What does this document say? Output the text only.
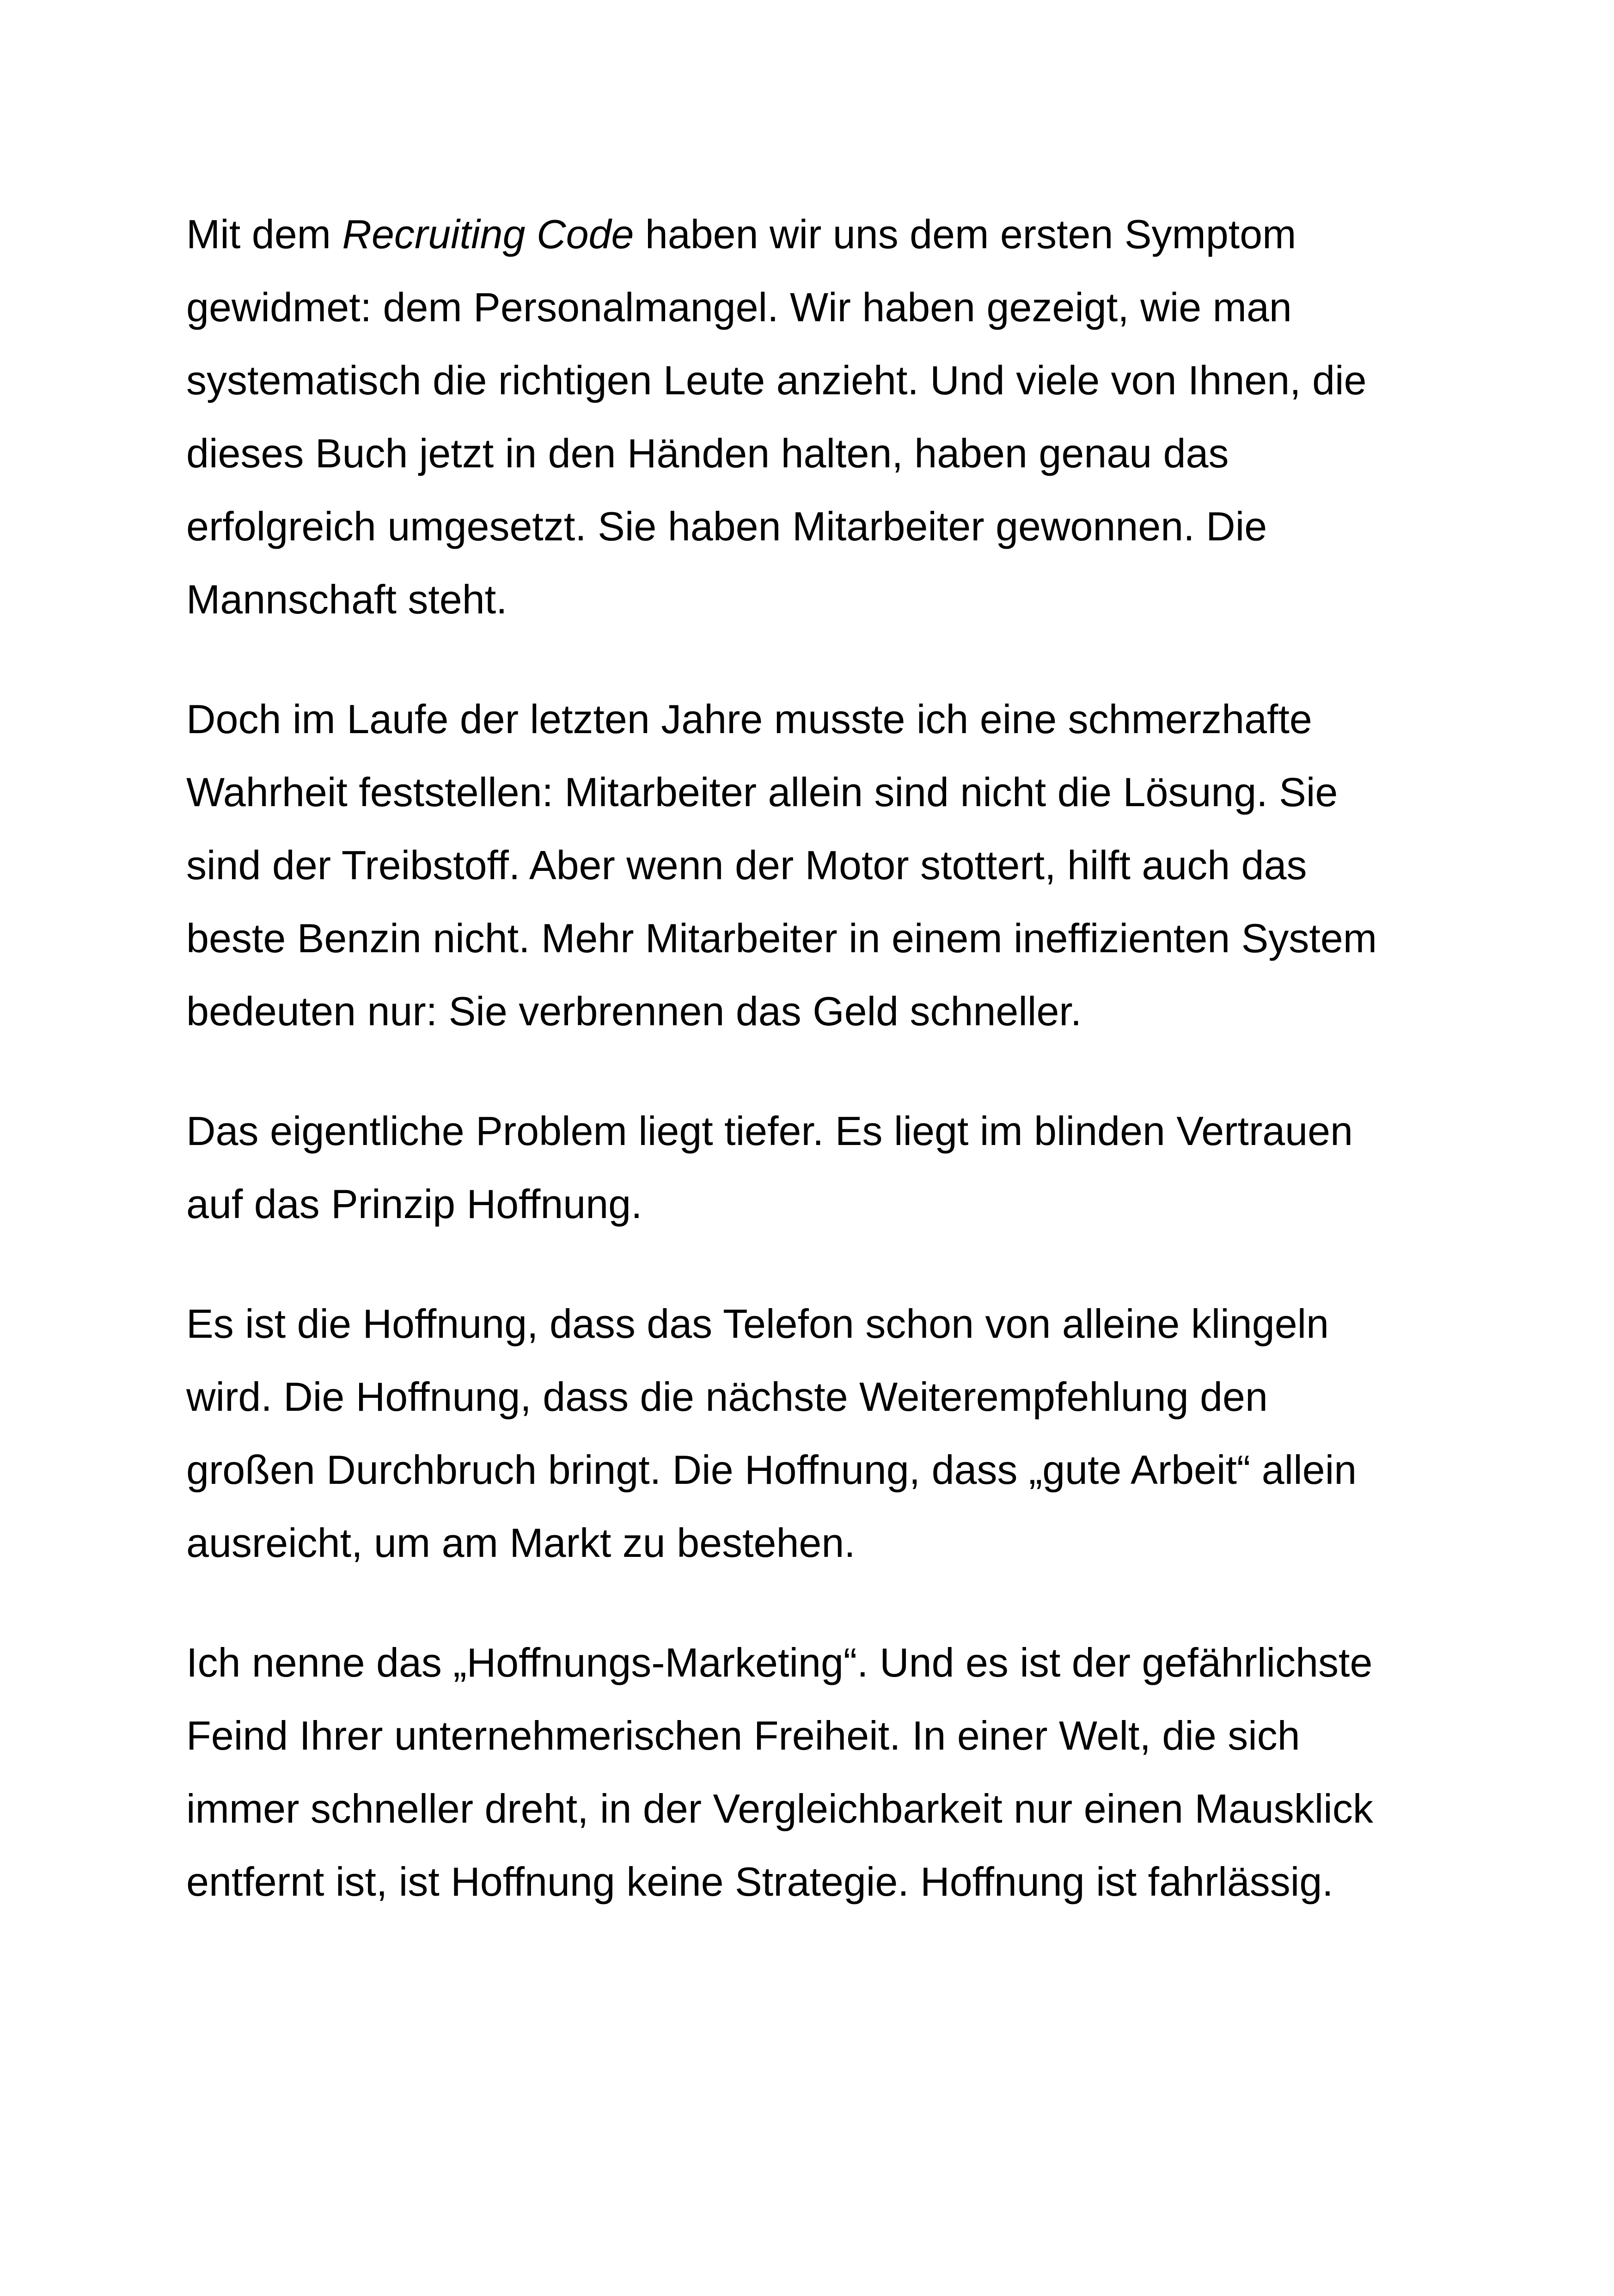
Mit dem Recruiting Code haben wir uns dem ersten Symptom
gewidmet: dem Personalmangel. Wir haben gezeigt, wie man
systematisch die richtigen Leute anzieht. Und viele von Ihnen, die
dieses Buch jetzt in den Händen halten, haben genau das
erfolgreich umgesetzt. Sie haben Mitarbeiter gewonnen. Die
Mannschaft steht.

Doch im Laufe der letzten Jahre musste ich eine schmerzhafte
Wahrheit feststellen: Mitarbeiter allein sind nicht die Lösung. Sie
sind der Treibstoff. Aber wenn der Motor stottert, hilft auch das
beste Benzin nicht. Mehr Mitarbeiter in einem ineffizienten System
bedeuten nur: Sie verbrennen das Geld schneller.

Das eigentliche Problem liegt tiefer. Es liegt im blinden Vertrauen
auf das Prinzip Hoffnung.

Es ist die Hoffnung, dass das Telefon schon von alleine klingeln
wird. Die Hoffnung, dass die nächste Weiterempfehlung den
großen Durchbruch bringt. Die Hoffnung, dass „gute Arbeit“ allein
ausreicht, um am Markt zu bestehen.

Ich nenne das „Hoffnungs-Marketing“. Und es ist der gefährlichste
Feind Ihrer unternehmerischen Freiheit. In einer Welt, die sich
immer schneller dreht, in der Vergleichbarkeit nur einen Mausklick
entfernt ist, ist Hoffnung keine Strategie. Hoffnung ist fahrlässig.
